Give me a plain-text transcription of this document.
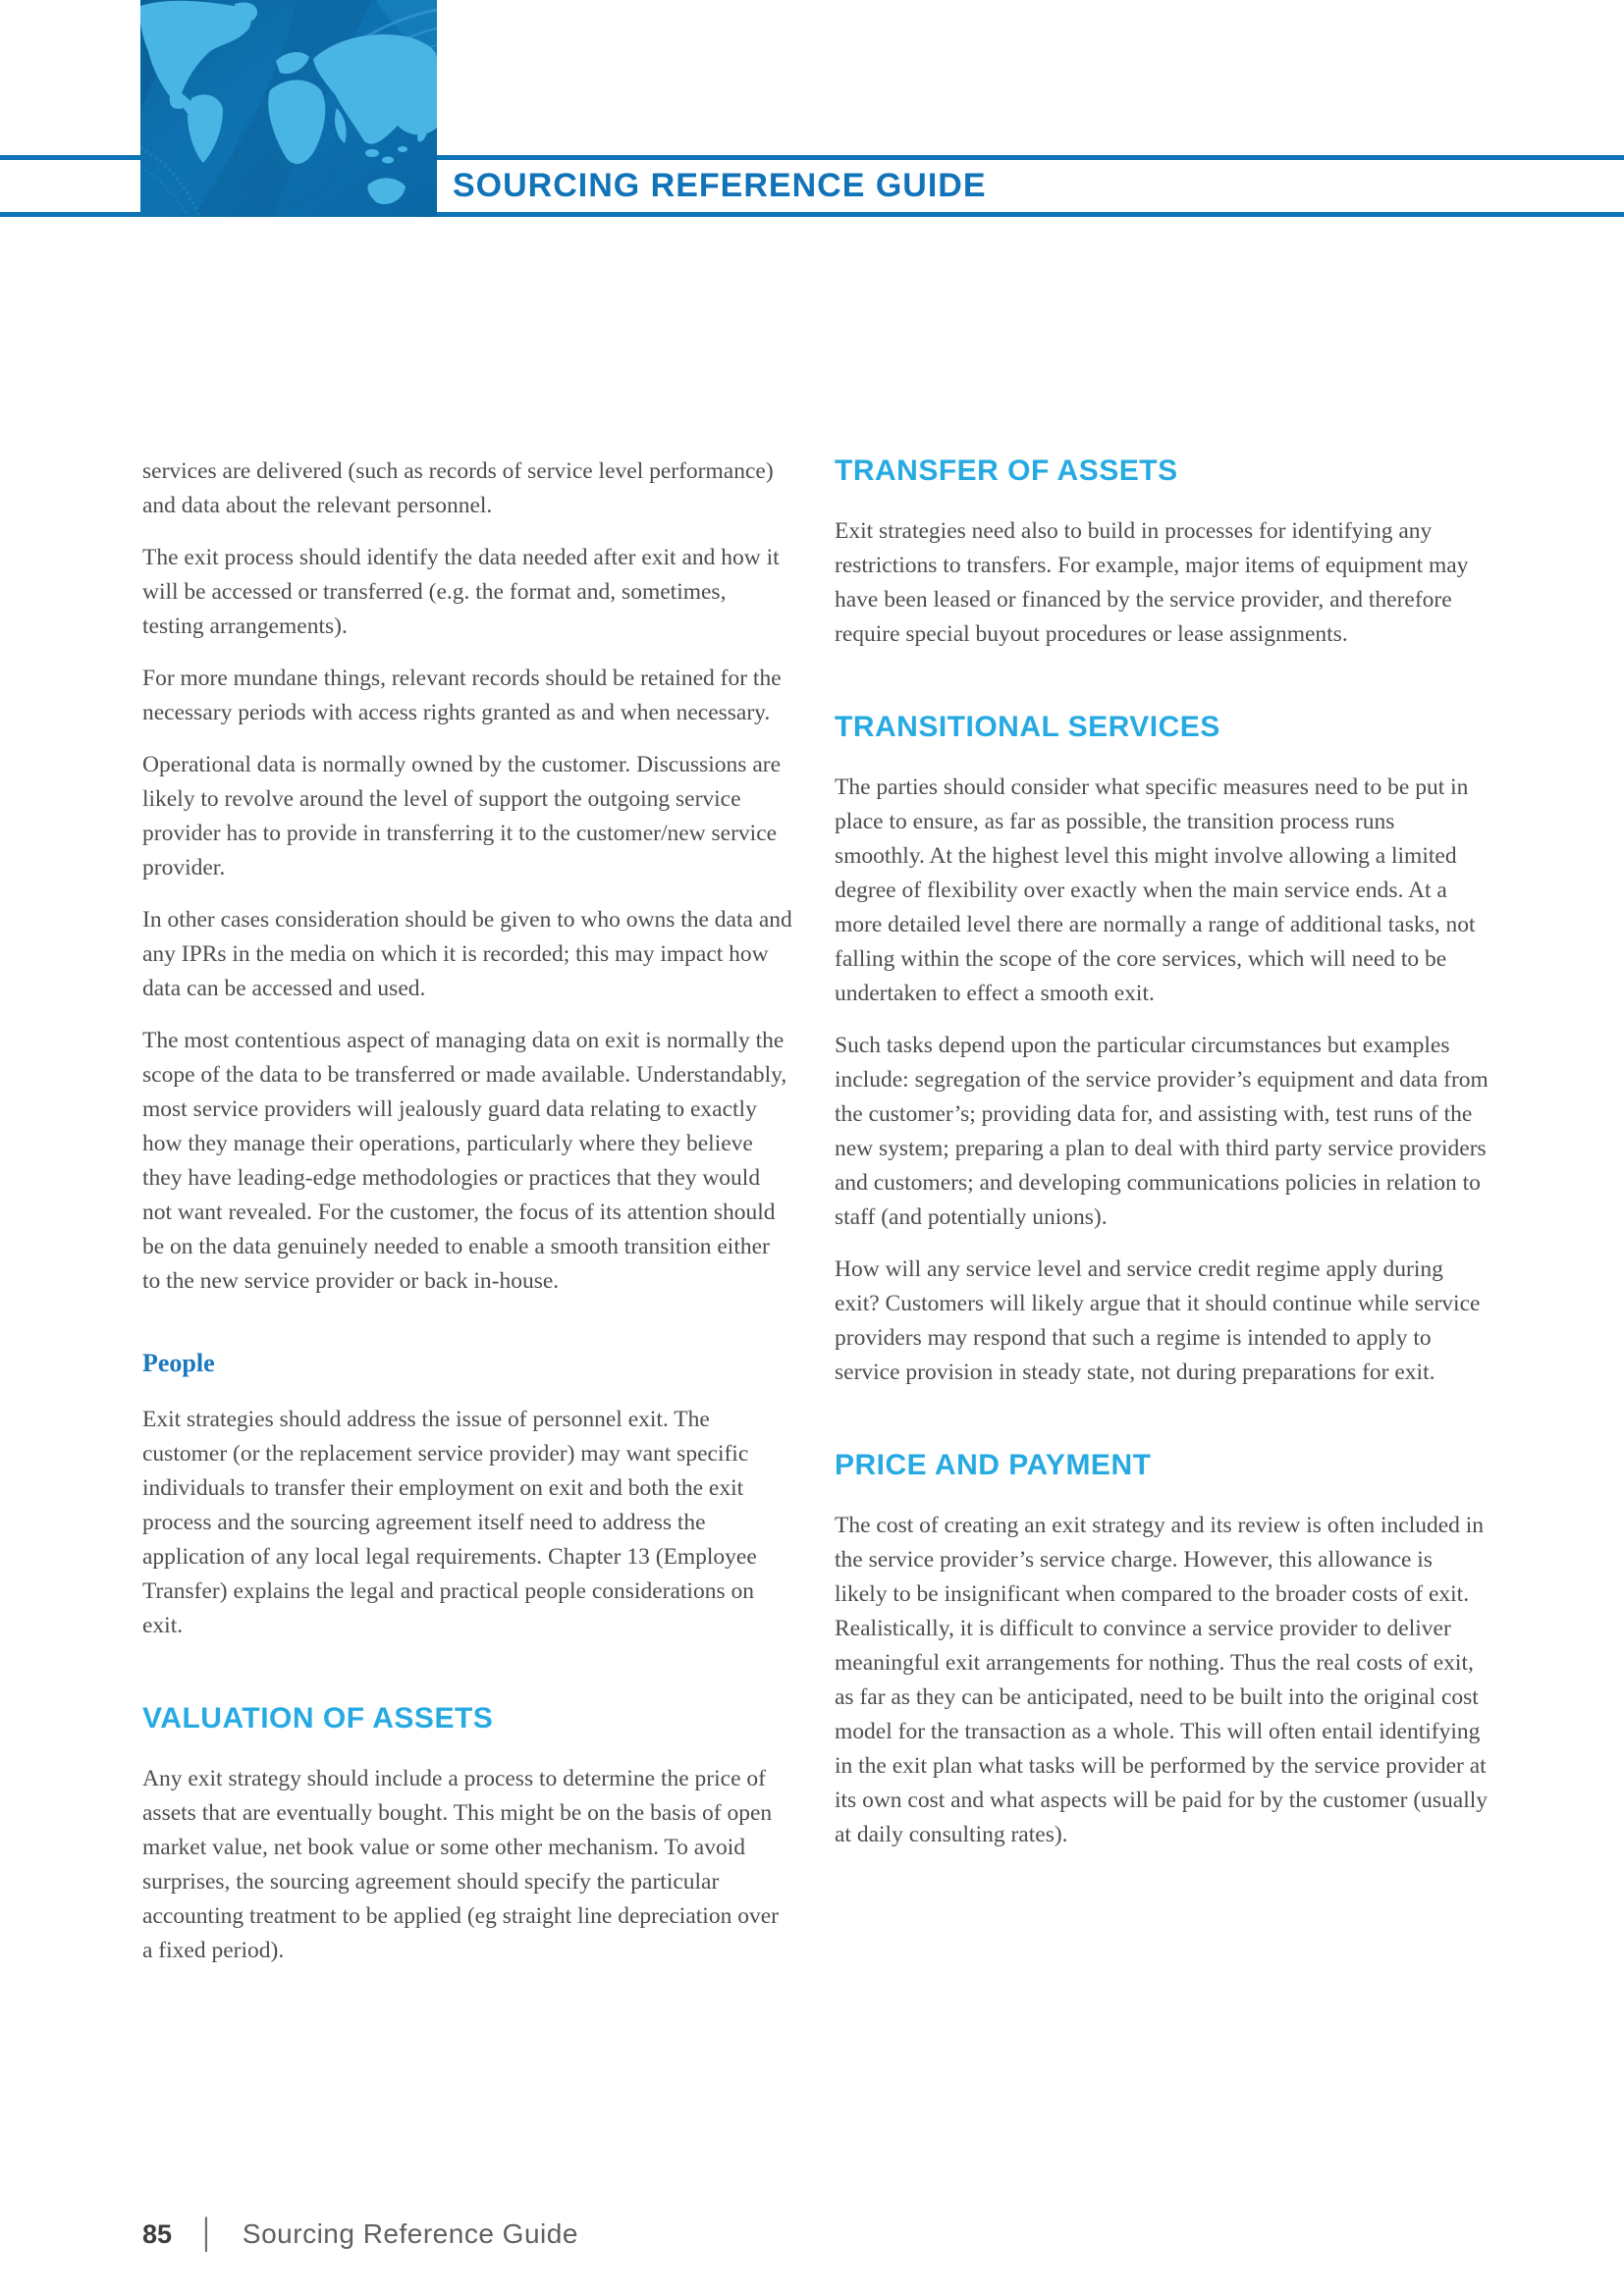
SOURCING REFERENCE GUIDE

services are delivered (such as records of service level performance) and data about the relevant personnel.

The exit process should identify the data needed after exit and how it will be accessed or transferred (e.g. the format and, sometimes, testing arrangements).

For more mundane things, relevant records should be retained for the necessary periods with access rights granted as and when necessary.

Operational data is normally owned by the customer. Discussions are likely to revolve around the level of support the outgoing service provider has to provide in transferring it to the customer/new service provider.

In other cases consideration should be given to who owns the data and any IPRs in the media on which it is recorded; this may impact how data can be accessed and used.

The most contentious aspect of managing data on exit is normally the scope of the data to be transferred or made available. Understandably, most service providers will jealously guard data relating to exactly how they manage their operations, particularly where they believe they have leading-edge methodologies or practices that they would not want revealed. For the customer, the focus of its attention should be on the data genuinely needed to enable a smooth transition either to the new service provider or back in-house.

People

Exit strategies should address the issue of personnel exit. The customer (or the replacement service provider) may want specific individuals to transfer their employment on exit and both the exit process and the sourcing agreement itself need to address the application of any local legal requirements. Chapter 13 (Employee Transfer) explains the legal and practical people considerations on exit.

VALUATION OF ASSETS

Any exit strategy should include a process to determine the price of assets that are eventually bought. This might be on the basis of open market value, net book value or some other mechanism. To avoid surprises, the sourcing agreement should specify the particular accounting treatment to be applied (eg straight line depreciation over a fixed period).

TRANSFER OF ASSETS

Exit strategies need also to build in processes for identifying any restrictions to transfers. For example, major items of equipment may have been leased or financed by the service provider, and therefore require special buyout procedures or lease assignments.

TRANSITIONAL SERVICES

The parties should consider what specific measures need to be put in place to ensure, as far as possible, the transition process runs smoothly. At the highest level this might involve allowing a limited degree of flexibility over exactly when the main service ends. At a more detailed level there are normally a range of additional tasks, not falling within the scope of the core services, which will need to be undertaken to effect a smooth exit.

Such tasks depend upon the particular circumstances but examples include: segregation of the service provider’s equipment and data from the customer’s; providing data for, and assisting with, test runs of the new system; preparing a plan to deal with third party service providers and customers; and developing communications policies in relation to staff (and potentially unions).

How will any service level and service credit regime apply during exit? Customers will likely argue that it should continue while service providers may respond that such a regime is intended to apply to service provision in steady state, not during preparations for exit.

PRICE AND PAYMENT

The cost of creating an exit strategy and its review is often included in the service provider’s service charge. However, this allowance is likely to be insignificant when compared to the broader costs of exit. Realistically, it is difficult to convince a service provider to deliver meaningful exit arrangements for nothing. Thus the real costs of exit, as far as they can be anticipated, need to be built into the original cost model for the transaction as a whole. This will often entail identifying in the exit plan what tasks will be performed by the service provider at its own cost and what aspects will be paid for by the customer (usually at daily consulting rates).

85 | Sourcing Reference Guide
